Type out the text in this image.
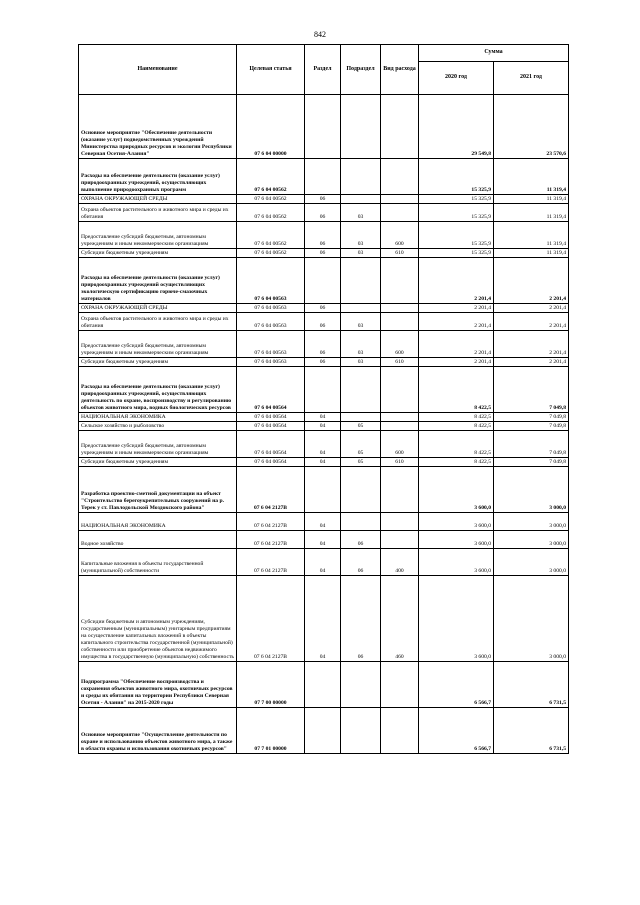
842
Наименование	Целевая статья	Раздел	Подраздел	Вид расхода	Сумма	
					2020 год	2021 год
Основное мероприятие "Обеспечение деятельности (оказание услуг) подведомственных учреждений Министерства природных ресурсов и экологии Республики Северная Осетия-Алания"	07 6 04 00000				29 549,8	23 570,6
Расходы на обеспечение деятельности (оказание услуг) природоохранных учреждений, осуществляющих выполнение природоохранных программ	07 6 04 00562				15 325,9	11 319,4
ОХРАНА ОКРУЖАЮЩЕЙ СРЕДЫ	07 6 04 00562	06			15 325,9	11 319,4
Охрана объектов растительного и животного мира и среды их обитания	07 6 04 00562	06	03		15 325,9	11 319,4
Предоставление субсидий бюджетным, автономным учреждениям и иным некоммерческим организациям	07 6 04 00562	06	03	600	15 325,9	11 319,4
Субсидии бюджетным учреждениям	07 6 04 00562	06	03	610	15 325,9	11 319,4
Расходы на обеспечение деятельности (оказание услуг) природоохранных учреждений осуществляющих экологическую сертификацию горюче-смазочных материалов	07 6 04 00563				2 201,4	2 201,4
ОХРАНА ОКРУЖАЮЩЕЙ СРЕДЫ	07 6 04 00563	06			2 201,4	2 201,4
Охрана объектов растительного и животного мира и среды их обитания	07 6 04 00563	06	03		2 201,4	2 201,4
Предоставление субсидий бюджетным, автономным учреждениям и иным некоммерческим организациям	07 6 04 00563	06	03	600	2 201,4	2 201,4
Субсидии бюджетным учреждениям	07 6 04 00563	06	03	610	2 201,4	2 201,4
Расходы на обеспечение деятельности (оказание услуг) природоохранных учреждений, осуществляющих деятельность по охране, воспроизводству и регулированию объектов животного мира, водных биологических ресурсов	07 6 04 00564				8 422,5	7 049,8
НАЦИОНАЛЬНАЯ ЭКОНОМИКА	07 6 04 00564	04			8 422,5	7 049,8
Сельское хозяйство и рыболовство	07 6 04 00564	04	05		8 422,5	7 049,8
Предоставление субсидий бюджетным, автономным учреждениям и иным некоммерческим организациям	07 6 04 00564	04	05	600	8 422,5	7 049,8
Субсидии бюджетным учреждениям	07 6 04 00564	04	05	610	8 422,5	7 049,8
Разработка проектно-сметной документации на объект "Строительство берегоукрепительных сооружений на р. Терек у ст. Павлодольской Моздокского района"	07 6 04 2127В				3 600,0	3 000,0
НАЦИОНАЛЬНАЯ ЭКОНОМИКА	07 6 04 2127В	04			3 600,0	3 000,0
Водное хозяйство	07 6 04 2127В	04	06		3 600,0	3 000,0
Капитальные вложения в объекты государственной (муниципальной) собственности	07 6 04 2127В	04	06	400	3 600,0	3 000,0
Субсидии бюджетным и автономным учреждениям, государственным (муниципальным) унитарным предприятиям на осуществление капитальных вложений в объекты капитального строительства государственной (муниципальной) собственности или приобретение объектов недвижимого имущества в государственную (муниципальную) собственность	07 6 04 2127В	04	06	460	3 600,0	3 000,0
Подпрограмма "Обеспечение воспроизводства и сохранения объектов животного мира, охотничьих ресурсов и среды их обитания на территории Республики Северная Осетия - Алания" на 2015-2020 годы	07 7 00 00000				6 566,7	6 731,5
Основное мероприятие "Осуществление деятельности по охране и использованию объектов животного мира, а также в области охраны и использования охотничьих ресурсов"	07 7 01 00000				6 566,7	6 731,5
